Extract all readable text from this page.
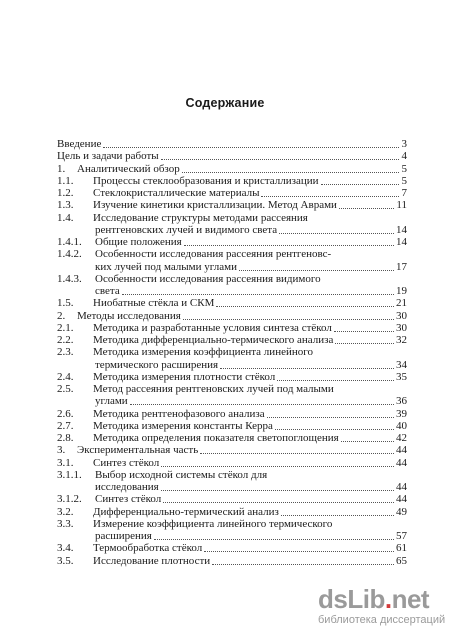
Содержание
Введение	3
Цель и задачи работы	4
1. Аналитический обзор	5
1.1. Процессы стеклообразования и кристаллизации	5
1.2. Стеклокристаллические материалы	7
1.3. Изучение кинетики кристаллизации. Метод Аврами	11
1.4. Исследование структуры методами рассеяния
рентгеновских лучей и видимого света	14
1.4.1. Общие положения	14
1.4.2. Особенности исследования рассеяния рентгеновс-
ких лучей под малыми углами	17
1.4.3. Особенности исследования рассеяния видимого
света	19
1.5. Ниобатные стёкла и СКМ	21
2. Методы исследования	30
2.1. Методика и разработанные условия синтеза стёкол	30
2.2. Методика дифференциально-термического анализа	32
2.3. Методика измерения коэффициента линейного
термического расширения	34
2.4. Методика измерения плотности стёкол	35
2.5. Метод рассеяния рентгеновских лучей под малыми
углами	36
2.6. Методика рентгенофазового анализа	39
2.7. Методика измерения константы Керра	40
2.8. Методика определения показателя светопоглощения	42
3. Экспериментальная часть	44
3.1. Синтез стёкол	44
3.1.1. Выбор исходной системы стёкол для
исследования	44
3.1.2. Синтез стёкол	44
3.2. Дифференциально-термический анализ	49
3.3. Измерение коэффициента линейного термического
расширения	57
3.4. Термообработка стёкол	61
3.5. Исследование плотности	65
dsLib.net
библиотека диссертаций
